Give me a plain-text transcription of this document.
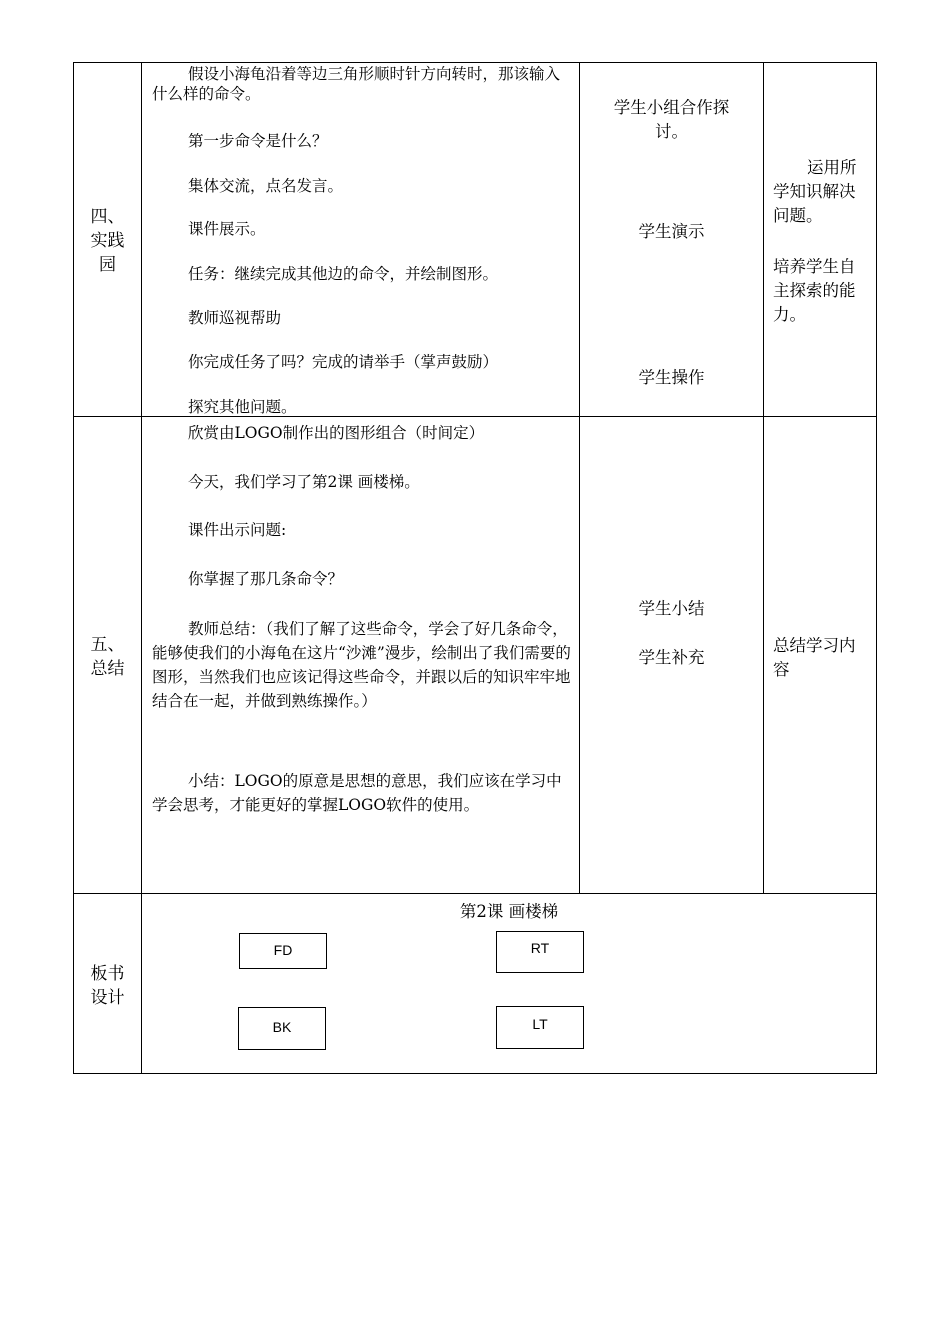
四、
实践
园

假设小海龟沿着等边三角形顺时针方向转时，那该输入什么样的命令。

第一步命令是什么？

集体交流，点名发言。

课件展示。

任务：继续完成其他边的命令，并绘制图形。

教师巡视帮助

你完成任务了吗？完成的请举手（掌声鼓励）

探究其他问题。

学生小组合作探讨。
学生演示
学生操作
运用所学知识解决问题。
培养学生自主探索的能力。
五、
总结

欣赏由LOGO制作出的图形组合（时间定）

今天，我们学习了第2课 画楼梯。

课件出示问题:

你掌握了那几条命令？

教师总结：（我们了解了这些命令，学会了好几条命令，能够使我们的小海龟在这片“沙滩”漫步，绘制出了我们需要的图形，当然我们也应该记得这些命令，并跟以后的知识牢牢地结合在一起，并做到熟练操作。）

小结：LOGO的原意是思想的意思，我们应该在学习中学会思考，才能更好的掌握LOGO软件的使用。

学生小结
学生补充
总结学习内容
板书
设计
第2课 画楼梯
FD	RT
BK	LT
